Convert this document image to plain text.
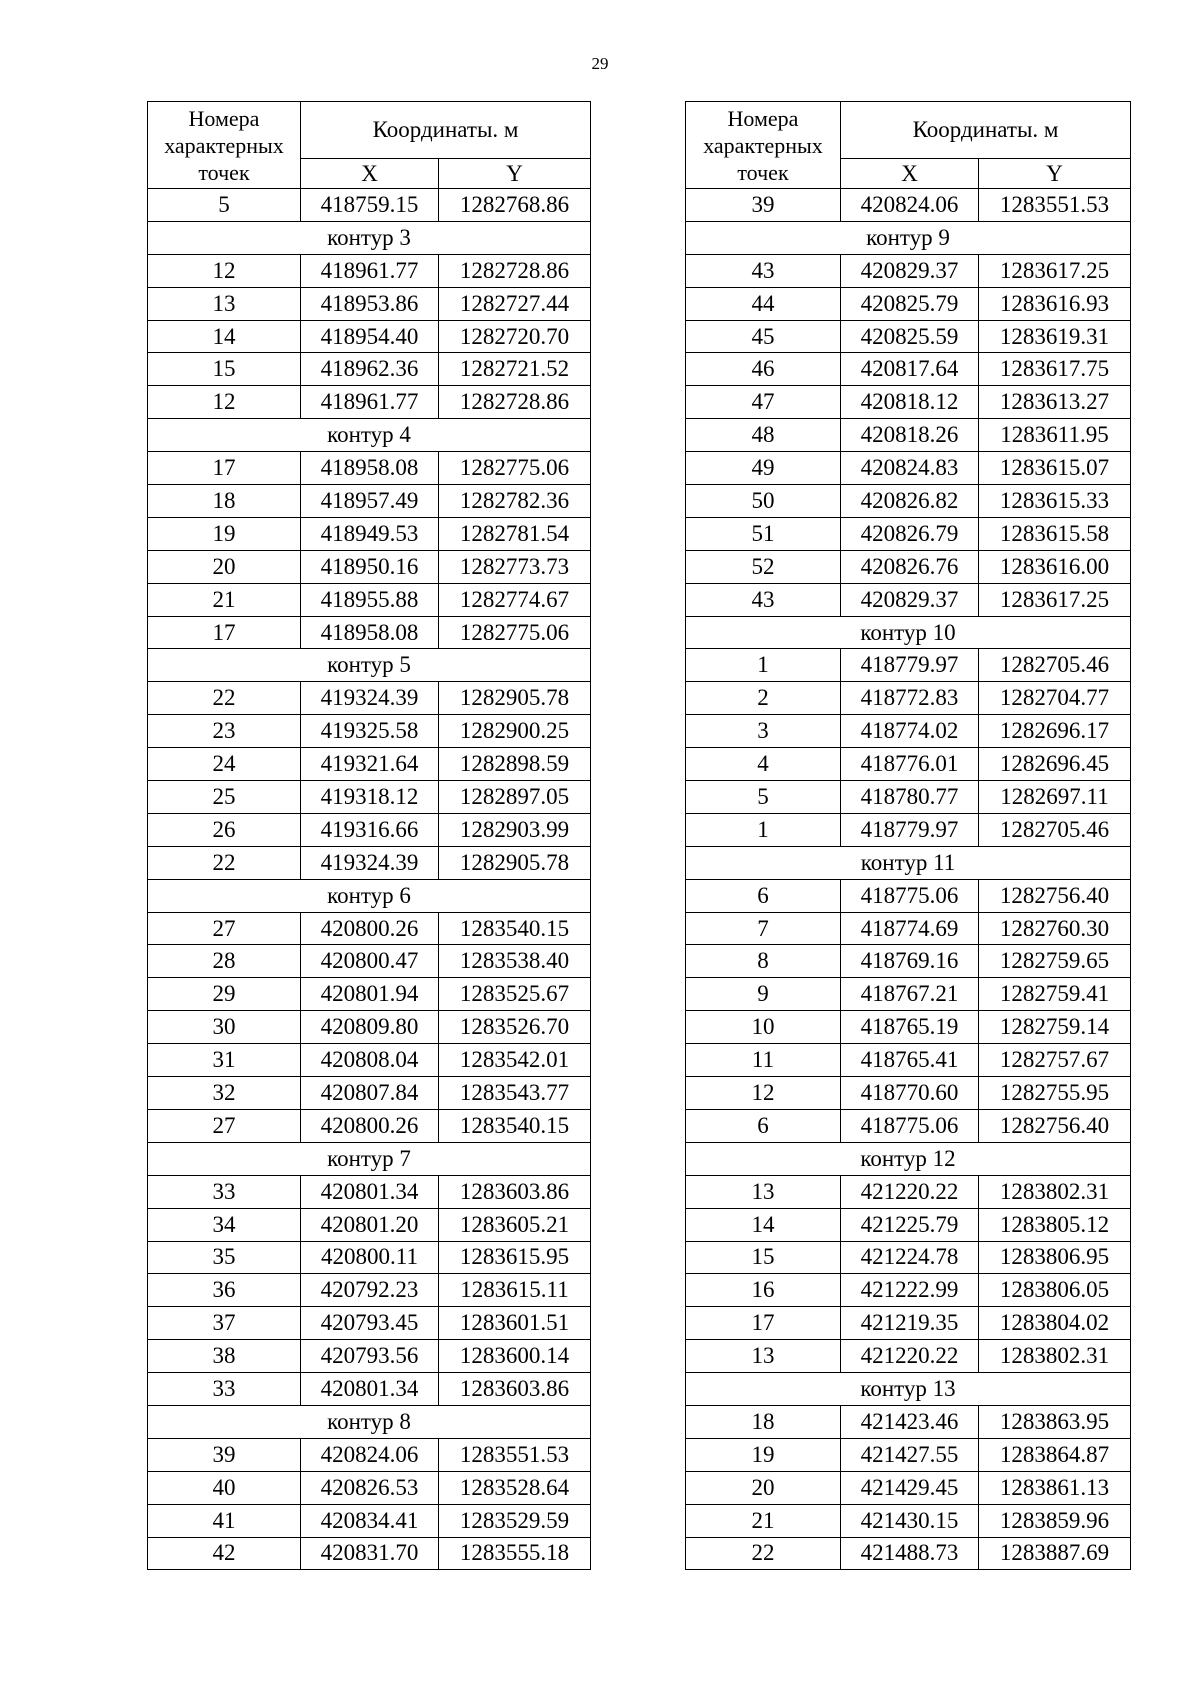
29
Номера характерных точек	Координаты. м	
	X	Y
5	418759.15	1282768.86
контур 3		
12	418961.77	1282728.86
13	418953.86	1282727.44
14	418954.40	1282720.70
15	418962.36	1282721.52
12	418961.77	1282728.86
контур 4		
17	418958.08	1282775.06
18	418957.49	1282782.36
19	418949.53	1282781.54
20	418950.16	1282773.73
21	418955.88	1282774.67
17	418958.08	1282775.06
контур 5		
22	419324.39	1282905.78
23	419325.58	1282900.25
24	419321.64	1282898.59
25	419318.12	1282897.05
26	419316.66	1282903.99
22	419324.39	1282905.78
контур 6		
27	420800.26	1283540.15
28	420800.47	1283538.40
29	420801.94	1283525.67
30	420809.80	1283526.70
31	420808.04	1283542.01
32	420807.84	1283543.77
27	420800.26	1283540.15
контур 7		
33	420801.34	1283603.86
34	420801.20	1283605.21
35	420800.11	1283615.95
36	420792.23	1283615.11
37	420793.45	1283601.51
38	420793.56	1283600.14
33	420801.34	1283603.86
контур 8		
39	420824.06	1283551.53
40	420826.53	1283528.64
41	420834.41	1283529.59
42	420831.70	1283555.18
Номера характерных точек	Координаты. м	
	X	Y
39	420824.06	1283551.53
контур 9		
43	420829.37	1283617.25
44	420825.79	1283616.93
45	420825.59	1283619.31
46	420817.64	1283617.75
47	420818.12	1283613.27
48	420818.26	1283611.95
49	420824.83	1283615.07
50	420826.82	1283615.33
51	420826.79	1283615.58
52	420826.76	1283616.00
43	420829.37	1283617.25
контур 10		
1	418779.97	1282705.46
2	418772.83	1282704.77
3	418774.02	1282696.17
4	418776.01	1282696.45
5	418780.77	1282697.11
1	418779.97	1282705.46
контур 11		
6	418775.06	1282756.40
7	418774.69	1282760.30
8	418769.16	1282759.65
9	418767.21	1282759.41
10	418765.19	1282759.14
11	418765.41	1282757.67
12	418770.60	1282755.95
6	418775.06	1282756.40
контур 12		
13	421220.22	1283802.31
14	421225.79	1283805.12
15	421224.78	1283806.95
16	421222.99	1283806.05
17	421219.35	1283804.02
13	421220.22	1283802.31
контур 13		
18	421423.46	1283863.95
19	421427.55	1283864.87
20	421429.45	1283861.13
21	421430.15	1283859.96
22	421488.73	1283887.69
